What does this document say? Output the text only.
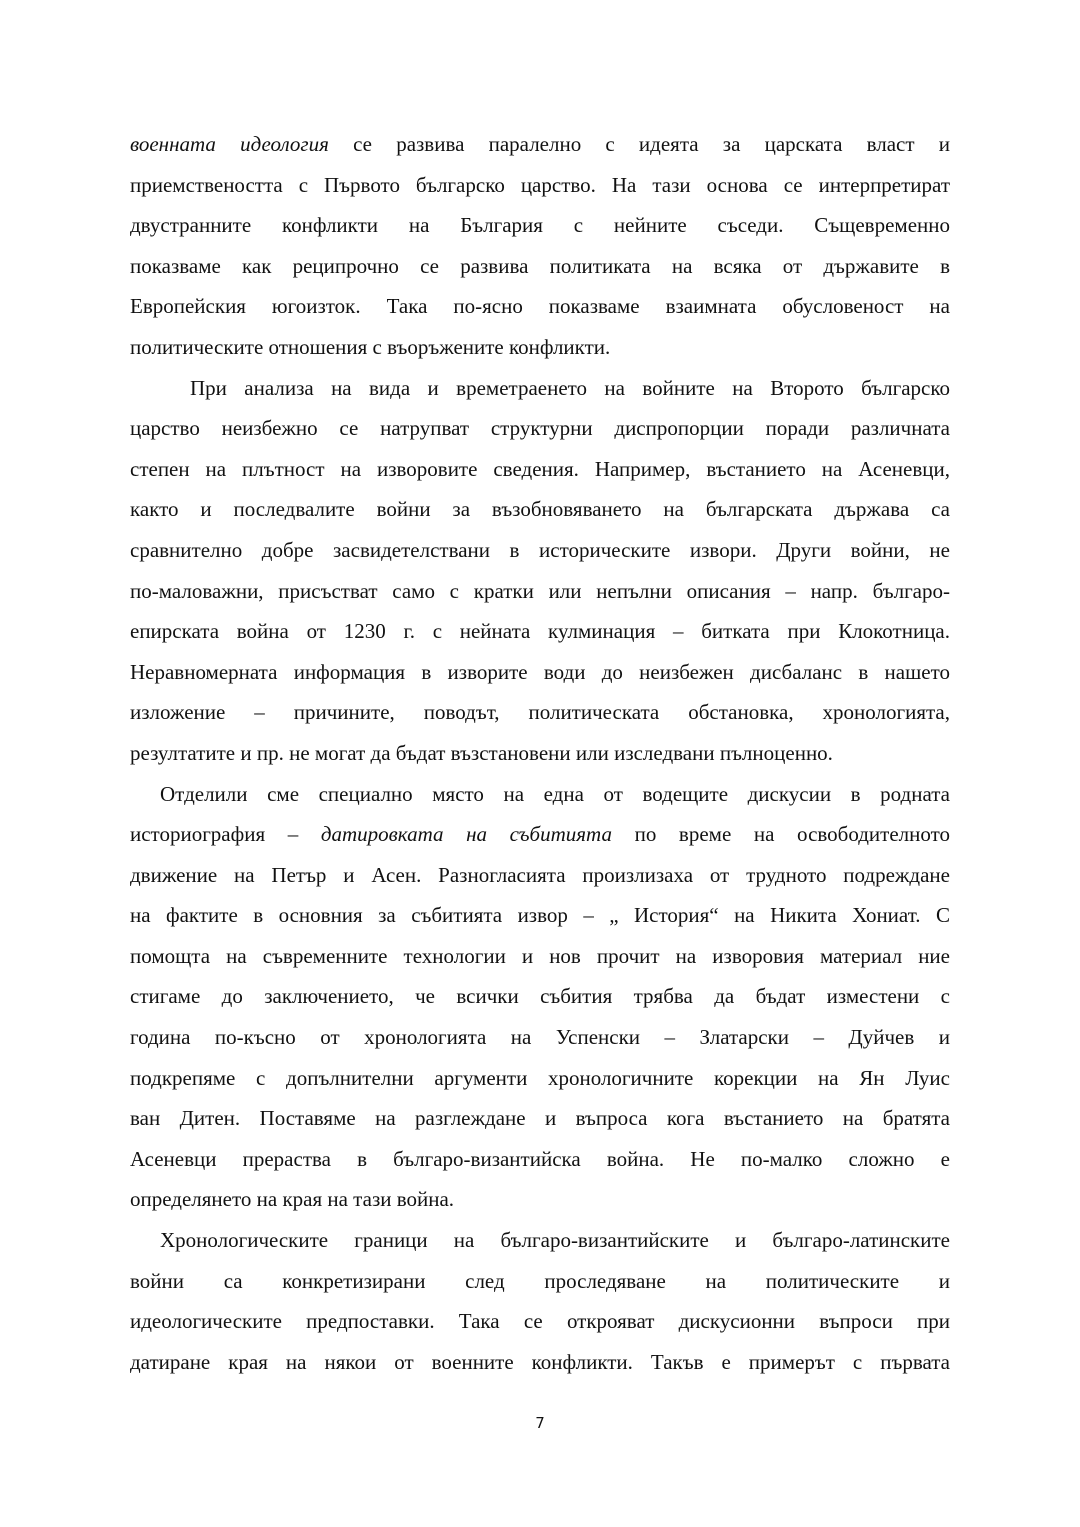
военната идеология се развива паралелно с идеята за царската власт и
приемствеността с Първото българско царство. На тази основа се интерпретират
двустранните конфликти на България с нейните съседи. Същевременно
показваме как реципрочно се развива политиката на всяка от държавите в
Европейския югоизток. Така по-ясно показваме взаимната обусловеност на
политическите отношения с въоръжените конфликти.
При анализа на вида и времетраенето на войните на Второто българско
царство неизбежно се натрупват структурни диспропорции поради различната
степен на плътност на изворовите сведения. Например, въстанието на Асеневци,
както и последвалите войни за възобновяването на българската държава са
сравнително добре засвидетелствани в историческите извори. Други войни, не
по-маловажни, присъстват само с кратки или непълни описания – напр. българо-
епирската война от 1230 г. с нейната кулминация – битката при Клокотница.
Неравномерната информация в изворите води до неизбежен дисбаланс в нашето
изложение – причините, поводът, политическата обстановка, хронологията,
резултатите и пр. не могат да бъдат възстановени или изследвани пълноценно.
Отделили сме специално място на една от водещите дискусии в родната
историография – датировката на събитията по време на освободителното
движение на Петър и Асен. Разногласията произлизаха от трудното подреждане
на фактите в основния за събитията извор – „ История“ на Никита Хониат. С
помощта на съвременните технологии и нов прочит на изворовия материал ние
стигаме до заключението, че всички събития трябва да бъдат изместени с
година по-късно от хронологията на Успенски – Златарски – Дуйчев и
подкрепяме с допълнителни аргументи хронологичните корекции на Ян Луис
ван Дитен. Поставяме на разглеждане и въпроса кога въстанието на братята
Асеневци прераства в българо-византийска война. Не по-малко сложно е
определянето на края на тази война.
Хронологическите граници на българо-византийските и българо-латинските
войни са конкретизирани след проследяване на политическите и
идеологическите предпоставки. Така се открояват дискусионни въпроси при
датиране края на някои от военните конфликти. Такъв е примерът с първата
7
